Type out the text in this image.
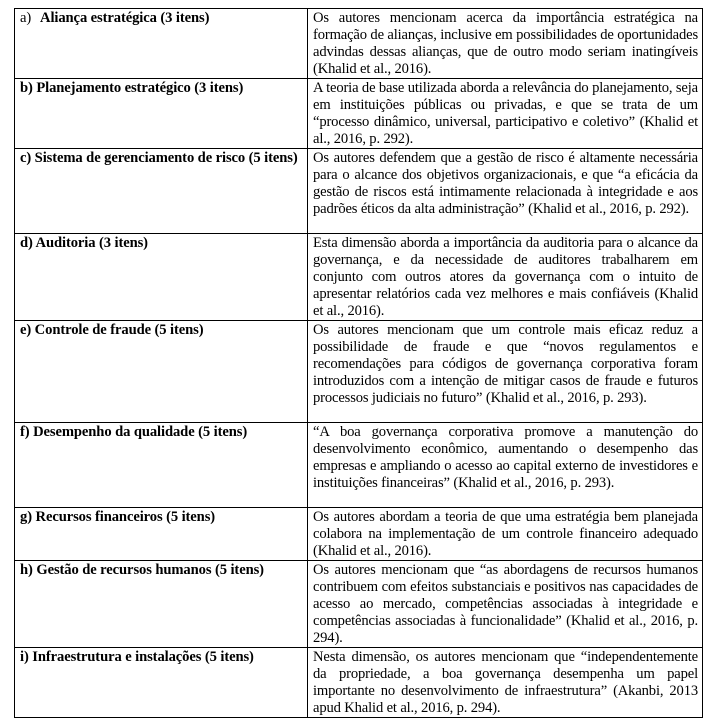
a) Aliança estratégica (3 itens)	Os autores mencionam acerca da importância estratégica na formação de alianças, inclusive em possibilidades de oportunidades advindas dessas alianças, que de outro modo seriam inatingíveis (Khalid et al., 2016).
b) Planejamento estratégico (3 itens)	A teoria de base utilizada aborda a relevância do planejamento, seja em instituições públicas ou privadas, e que se trata de um “processo dinâmico, universal, participativo e coletivo” (Khalid et al., 2016, p. 292).
c) Sistema de gerenciamento de risco (5 itens)	Os autores defendem que a gestão de risco é altamente necessária para o alcance dos objetivos organizacionais, e que “a eficácia da gestão de riscos está intimamente relacionada à integridade e aos padrões éticos da alta administração” (Khalid et al., 2016, p. 292).
d) Auditoria (3 itens)	Esta dimensão aborda a importância da auditoria para o alcance da governança, e da necessidade de auditores trabalharem em conjunto com outros atores da governança com o intuito de apresentar relatórios cada vez melhores e mais confiáveis (Khalid et al., 2016).
e) Controle de fraude (5 itens)	Os autores mencionam que um controle mais eficaz reduz a possibilidade de fraude e que “novos regulamentos e recomendações para códigos de governança corporativa foram introduzidos com a intenção de mitigar casos de fraude e futuros processos judiciais no futuro” (Khalid et al., 2016, p. 293).
f) Desempenho da qualidade (5 itens)	“A boa governança corporativa promove a manutenção do desenvolvimento econômico, aumentando o desempenho das empresas e ampliando o acesso ao capital externo de investidores e instituições financeiras” (Khalid et al., 2016, p. 293).
g) Recursos financeiros (5 itens)	Os autores abordam a teoria de que uma estratégia bem planejada colabora na implementação de um controle financeiro adequado (Khalid et al., 2016).
h) Gestão de recursos humanos (5 itens)	Os autores mencionam que “as abordagens de recursos humanos contribuem com efeitos substanciais e positivos nas capacidades de acesso ao mercado, competências associadas à integridade e competências associadas à funcionalidade” (Khalid et al., 2016, p. 294).
i) Infraestrutura e instalações (5 itens)	Nesta dimensão, os autores mencionam que “independentemente da propriedade, a boa governança desempenha um papel importante no desenvolvimento de infraestrutura” (Akanbi, 2013 apud Khalid et al., 2016, p. 294).
